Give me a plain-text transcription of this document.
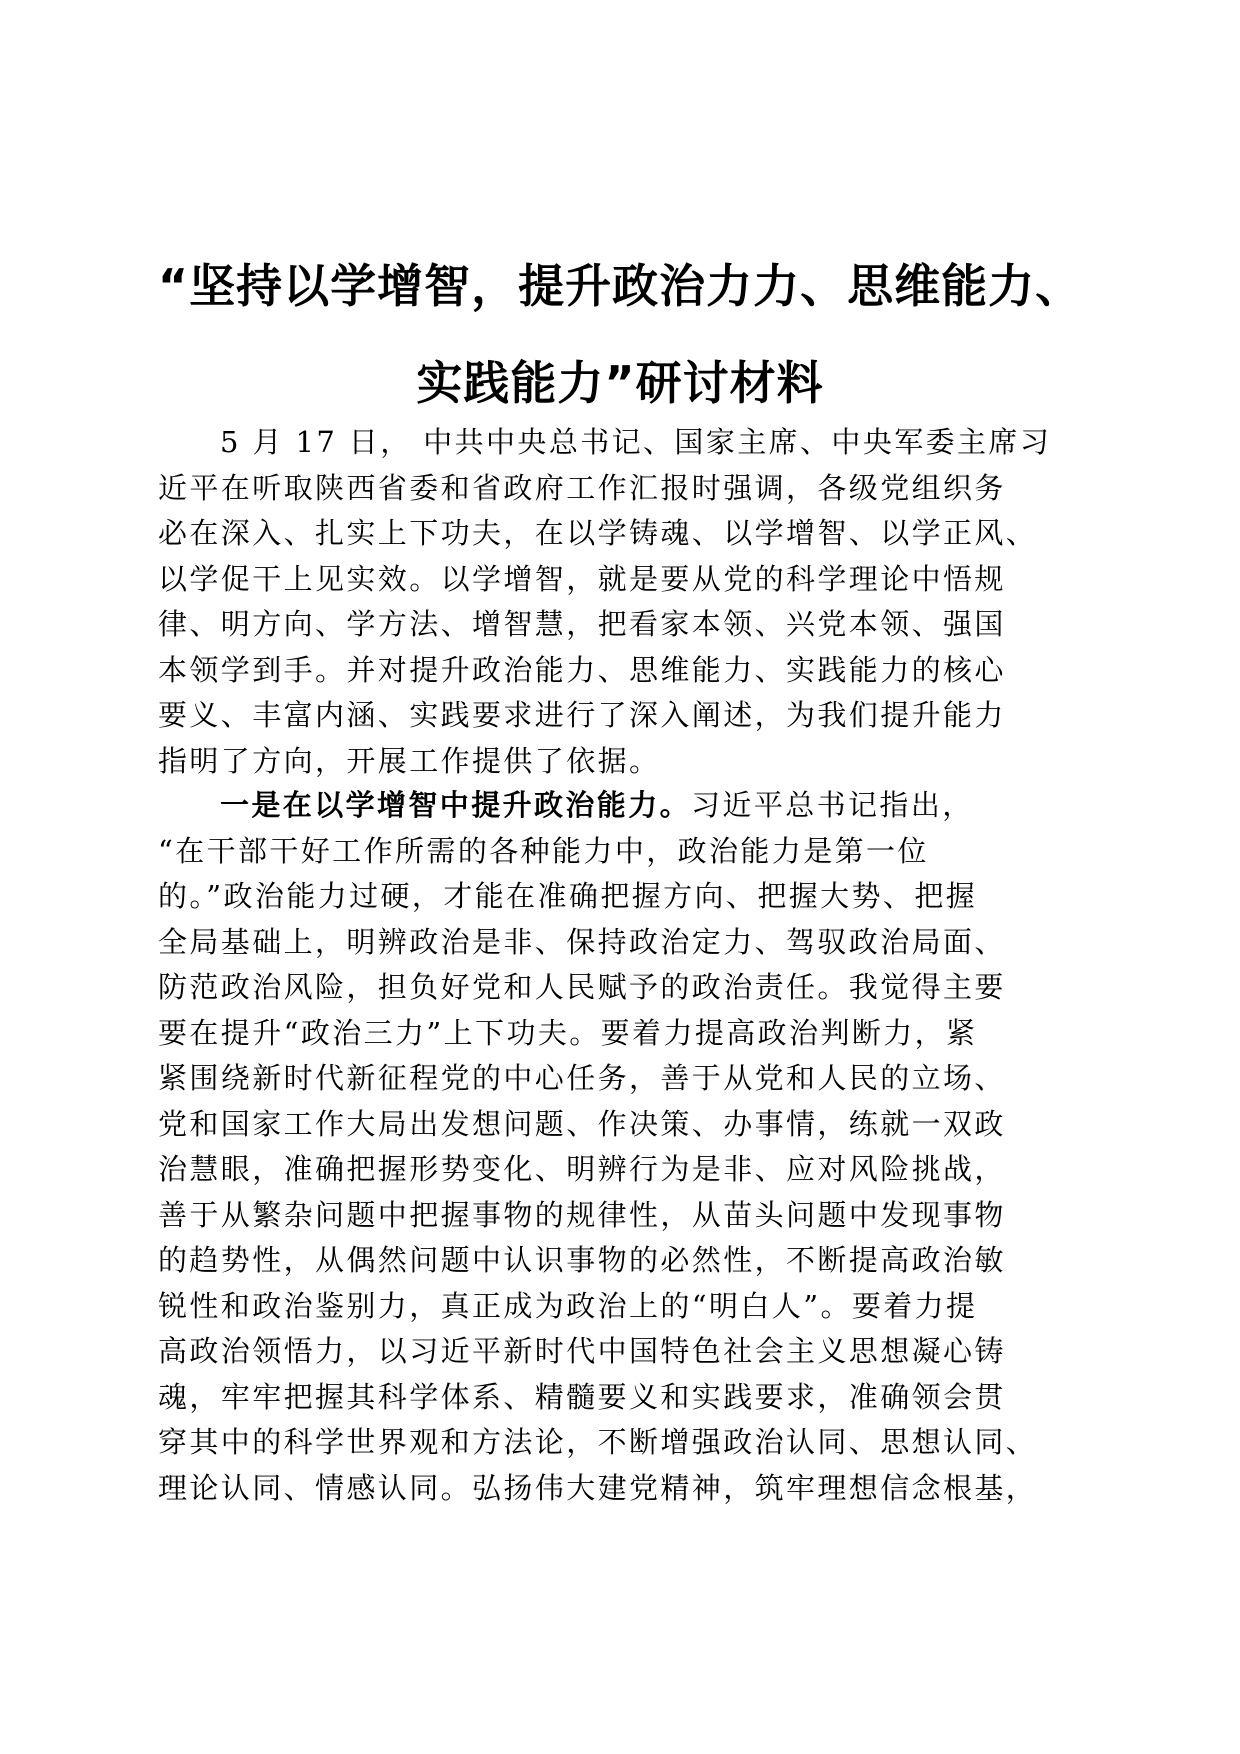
“坚持以学增智，提升政治力力、思维能力、
实践能力”研讨材料
5 月 17 日， 中共中央总书记、国家主席、中央军委主席习
近平在听取陕西省委和省政府工作汇报时强调，各级党组织务
必在深入、扎实上下功夫，在以学铸魂、以学增智、以学正风、
以学促干上见实效。以学增智，就是要从党的科学理论中悟规
律、明方向、学方法、增智慧，把看家本领、兴党本领、强国
本领学到手。并对提升政治能力、思维能力、实践能力的核心
要义、丰富内涵、实践要求进行了深入阐述，为我们提升能力
指明了方向，开展工作提供了依据。
一是在以学增智中提升政治能力。习近平总书记指出，
“在干部干好工作所需的各种能力中，政治能力是第一位
的。”政治能力过硬，才能在准确把握方向、把握大势、把握
全局基础上，明辨政治是非、保持政治定力、驾驭政治局面、
防范政治风险，担负好党和人民赋予的政治责任。我觉得主要
要在提升“政治三力”上下功夫。要着力提高政治判断力，紧
紧围绕新时代新征程党的中心任务，善于从党和人民的立场、
党和国家工作大局出发想问题、作决策、办事情，练就一双政
治慧眼，准确把握形势变化、明辨行为是非、应对风险挑战，
善于从繁杂问题中把握事物的规律性，从苗头问题中发现事物
的趋势性，从偶然问题中认识事物的必然性，不断提高政治敏
锐性和政治鉴别力，真正成为政治上的“明白人”。要着力提
高政治领悟力，以习近平新时代中国特色社会主义思想凝心铸
魂，牢牢把握其科学体系、精髓要义和实践要求，准确领会贯
穿其中的科学世界观和方法论，不断增强政治认同、思想认同、
理论认同、情感认同。弘扬伟大建党精神，筑牢理想信念根基，
